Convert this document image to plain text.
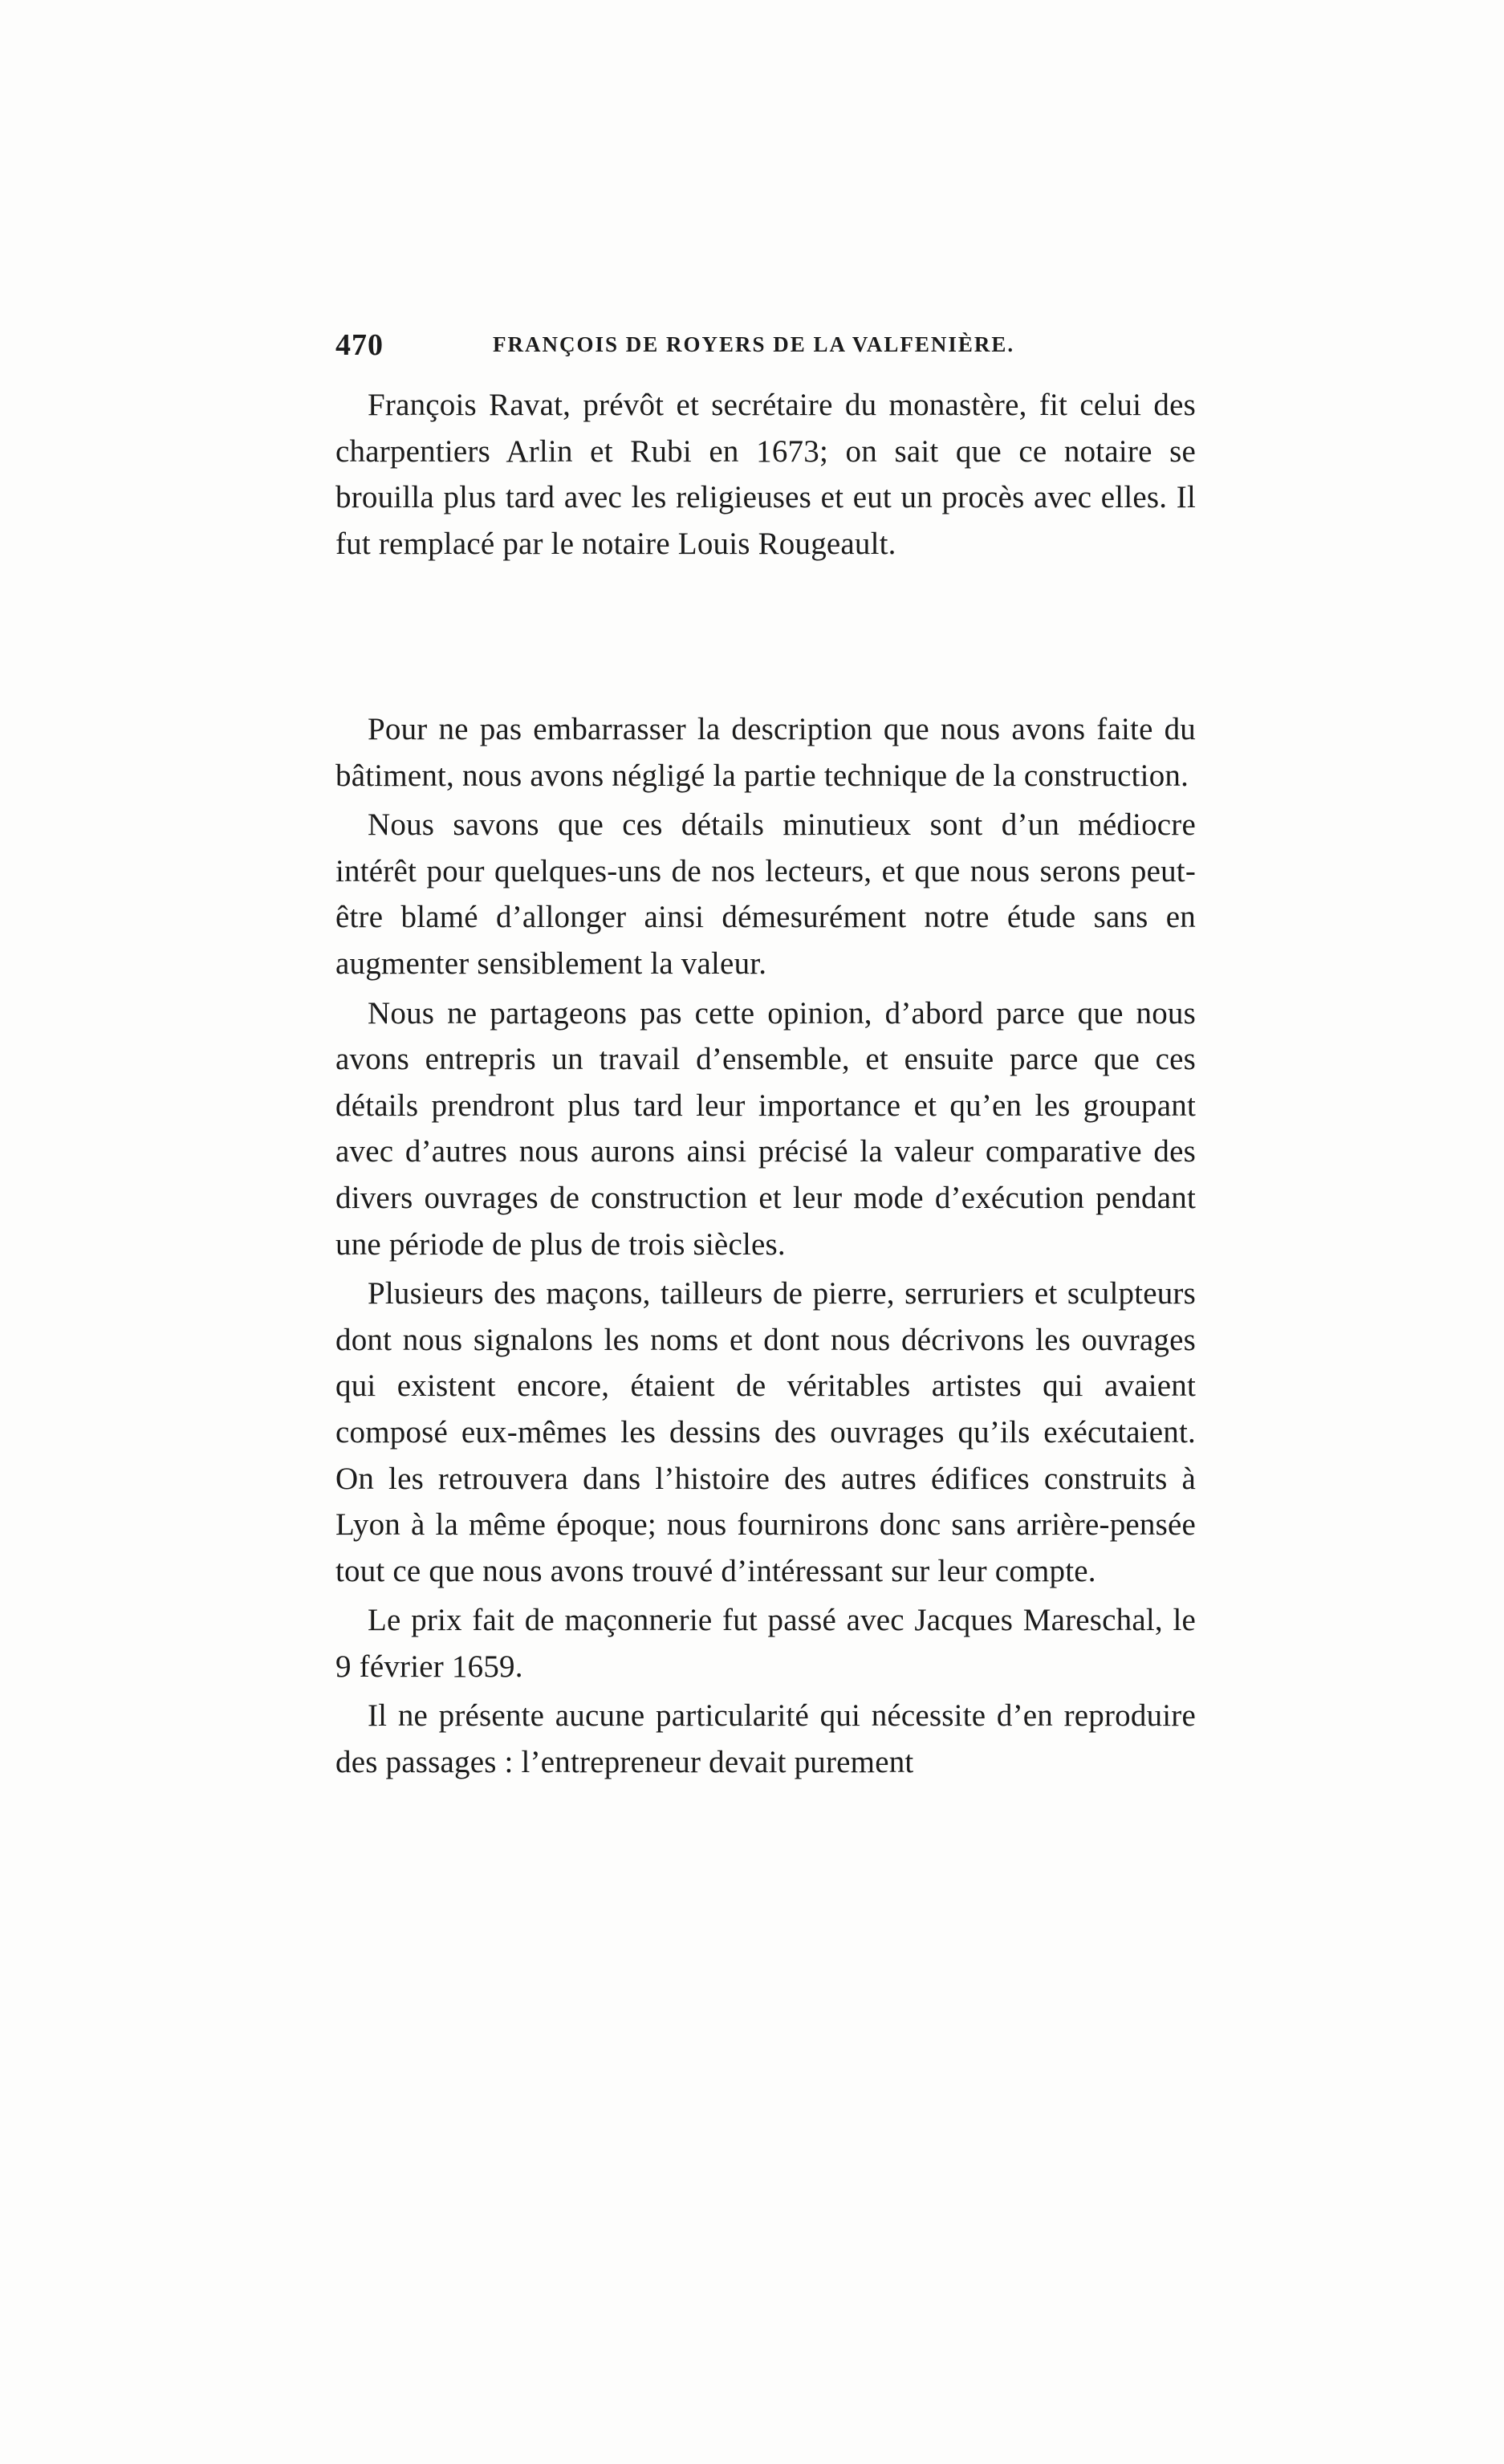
470	FRANÇOIS DE ROYERS DE LA VALFENIÈRE.

François Ravat, prévôt et secrétaire du monastère, fit celui des charpentiers Arlin et Rubi en 1673; on sait que ce notaire se brouilla plus tard avec les religieuses et eut un procès avec elles. Il fut remplacé par le notaire Louis Rougeault.

Pour ne pas embarrasser la description que nous avons faite du bâtiment, nous avons négligé la partie technique de la construction.

Nous savons que ces détails minutieux sont d’un médiocre intérêt pour quelques-uns de nos lecteurs, et que nous serons peut-être blamé d’allonger ainsi démesurément notre étude sans en augmenter sensiblement la valeur.

Nous ne partageons pas cette opinion, d’abord parce que nous avons entrepris un travail d’ensemble, et ensuite parce que ces détails prendront plus tard leur importance et qu’en les groupant avec d’autres nous aurons ainsi précisé la valeur comparative des divers ouvrages de construction et leur mode d’exécution pendant une période de plus de trois siècles.

Plusieurs des maçons, tailleurs de pierre, serruriers et sculpteurs dont nous signalons les noms et dont nous décrivons les ouvrages qui existent encore, étaient de véritables artistes qui avaient composé eux-mêmes les dessins des ouvrages qu’ils exécutaient. On les retrouvera dans l’histoire des autres édifices construits à Lyon à la même époque; nous fournirons donc sans arrière-pensée tout ce que nous avons trouvé d’intéressant sur leur compte.

Le prix fait de maçonnerie fut passé avec Jacques Mareschal, le 9 février 1659.

Il ne présente aucune particularité qui nécessite d’en reproduire des passages : l’entrepreneur devait purement
